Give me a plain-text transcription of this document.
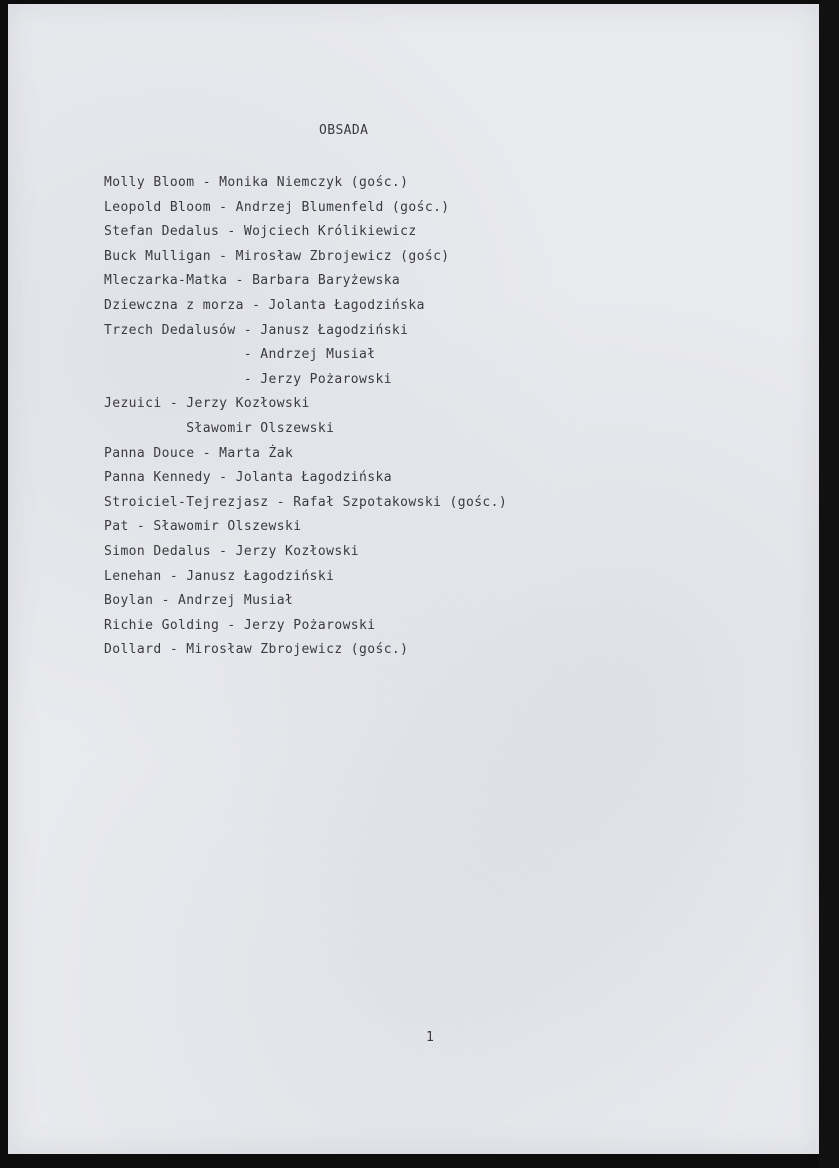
OBSADA
Molly Bloom - Monika Niemczyk (gośc.)
Leopold Bloom - Andrzej Blumenfeld (gośc.)
Stefan Dedalus - Wojciech Królikiewicz
Buck Mulligan - Mirosław Zbrojewicz (gośc)
Mleczarka-Matka - Barbara Baryżewska
Dziewczna z morza - Jolanta Łagodzińska
Trzech Dedalusów - Janusz Łagodziński
- Andrzej Musiał
- Jerzy Pożarowski
Jezuici - Jerzy Kozłowski
Sławomir Olszewski
Panna Douce - Marta Żak
Panna Kennedy - Jolanta Łagodzińska
Stroiciel-Tejrezjasz - Rafał Szpotakowski (gośc.)
Pat - Sławomir Olszewski
Simon Dedalus - Jerzy Kozłowski
Lenehan - Janusz Łagodziński
Boylan - Andrzej Musiał
Richie Golding - Jerzy Pożarowski
Dollard - Mirosław Zbrojewicz (gośc.)
1
